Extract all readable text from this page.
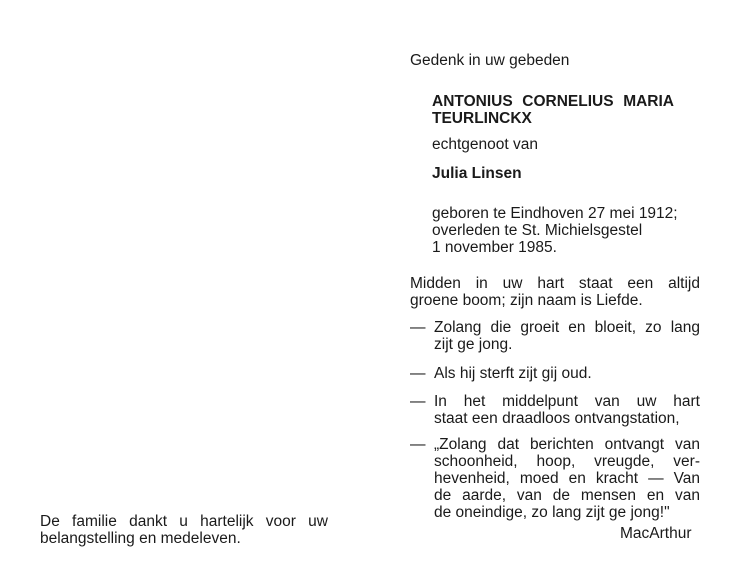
Gedenk in uw gebeden
ANTONIUS CORNELIUS MARIA
TEURLINCKX
echtgenoot van
Julia Linsen
geboren te Eindhoven 27 mei 1912;
overleden te St. Michielsgestel
1 november 1985.
Midden in uw hart staat een altijd
groene boom; zijn naam is Liefde.
— Zolang die groeit en bloeit, zo lang
zijt ge jong.
— Als hij sterft zijt gij oud.
— In het middelpunt van uw hart
staat een draadloos ontvangstation,
— „Zolang dat berichten ontvangt van
schoonheid, hoop, vreugde, ver-
hevenheid, moed en kracht — Van
de aarde, van de mensen en van
de oneindige, zo lang zijt ge jong!"
MacArthur
De familie dankt u hartelijk voor uw
belangstelling en medeleven.
